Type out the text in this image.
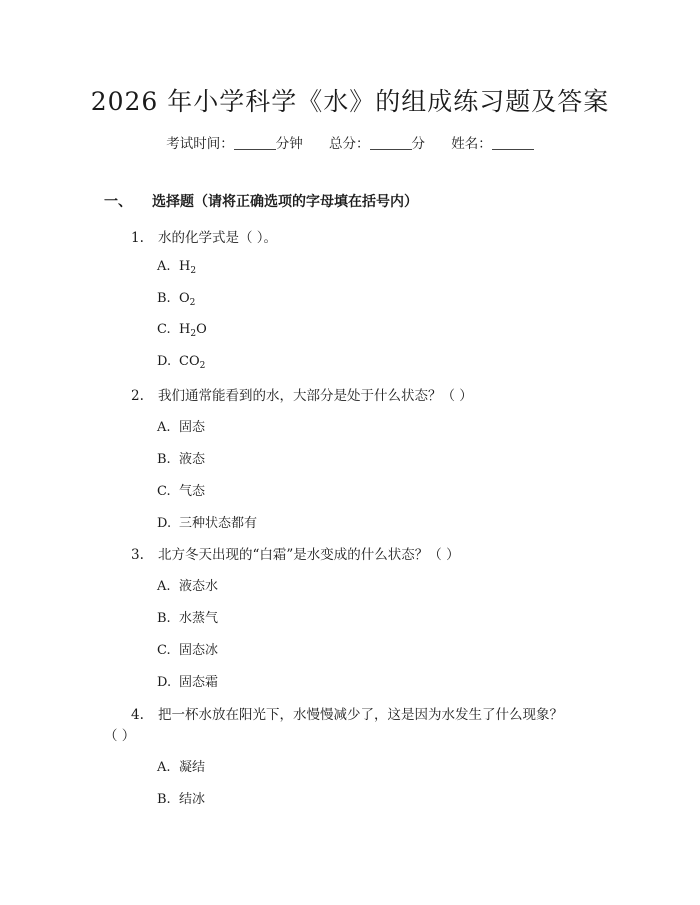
2026 年小学科学《水》的组成练习题及答案
考试时间：	分钟 总分：	分 姓名：
一、 选择题（请将正确选项的字母填在括号内）
1. 水的化学式是（ ）。
A. $H_2$
B. $O_2$
C. $H_2O$
D. $CO_2$
2. 我们通常能看到的水，大部分是处于什么状态？（ ）
A. 固态
B. 液态
C. 气态
D. 三种状态都有
3. 北方冬天出现的“白霜”是水变成的什么状态？（ ）
A. 液态水
B. 水蒸气
C. 固态冰
D. 固态霜
4. 把一杯水放在阳光下，水慢慢减少了，这是因为水发生了什么现象？
（ ）
A. 凝结
B. 结冰
